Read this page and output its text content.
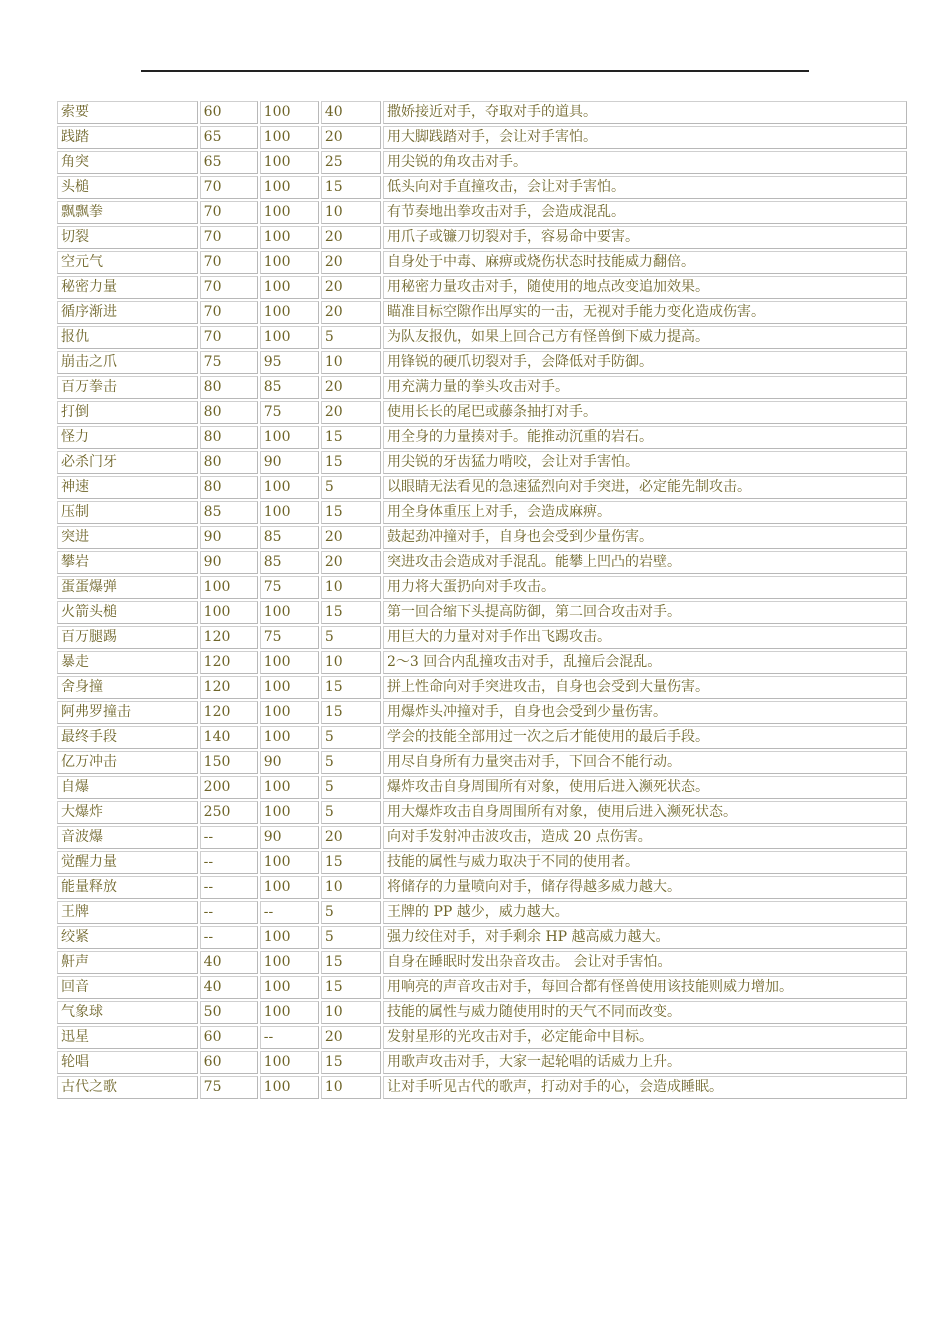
索要	60	100	40	撒娇接近对手，夺取对手的道具。
践踏	65	100	20	用大脚践踏对手，会让对手害怕。
角突	65	100	25	用尖锐的角攻击对手。
头槌	70	100	15	低头向对手直撞攻击，会让对手害怕。
飘飘拳	70	100	10	有节奏地出拳攻击对手，会造成混乱。
切裂	70	100	20	用爪子或镰刀切裂对手，容易命中要害。
空元气	70	100	20	自身处于中毒、麻痹或烧伤状态时技能威力翻倍。
秘密力量	70	100	20	用秘密力量攻击对手，随使用的地点改变追加效果。
循序渐进	70	100	20	瞄准目标空隙作出厚实的一击，无视对手能力变化造成伤害。
报仇	70	100	5	为队友报仇，如果上回合己方有怪兽倒下威力提高。
崩击之爪	75	95	10	用锋锐的硬爪切裂对手，会降低对手防御。
百万拳击	80	85	20	用充满力量的拳头攻击对手。
打倒	80	75	20	使用长长的尾巴或藤条抽打对手。
怪力	80	100	15	用全身的力量揍对手。能推动沉重的岩石。
必杀门牙	80	90	15	用尖锐的牙齿猛力啃咬，会让对手害怕。
神速	80	100	5	以眼睛无法看见的急速猛烈向对手突进，必定能先制攻击。
压制	85	100	15	用全身体重压上对手，会造成麻痹。
突进	90	85	20	鼓起劲冲撞对手，自身也会受到少量伤害。
攀岩	90	85	20	突进攻击会造成对手混乱。能攀上凹凸的岩壁。
蛋蛋爆弹	100	75	10	用力将大蛋扔向对手攻击。
火箭头槌	100	100	15	第一回合缩下头提高防御，第二回合攻击对手。
百万腿踢	120	75	5	用巨大的力量对对手作出飞踢攻击。
暴走	120	100	10	2～3 回合内乱撞攻击对手，乱撞后会混乱。
舍身撞	120	100	15	拼上性命向对手突进攻击，自身也会受到大量伤害。
阿弗罗撞击	120	100	15	用爆炸头冲撞对手，自身也会受到少量伤害。
最终手段	140	100	5	学会的技能全部用过一次之后才能使用的最后手段。
亿万冲击	150	90	5	用尽自身所有力量突击对手，下回合不能行动。
自爆	200	100	5	爆炸攻击自身周围所有对象，使用后进入濒死状态。
大爆炸	250	100	5	用大爆炸攻击自身周围所有对象，使用后进入濒死状态。
音波爆	--	90	20	向对手发射冲击波攻击，造成 20 点伤害。
觉醒力量	--	100	15	技能的属性与威力取决于不同的使用者。
能量释放	--	100	10	将储存的力量喷向对手，储存得越多威力越大。
王牌	--	--	5	王牌的 PP 越少，威力越大。
绞紧	--	100	5	强力绞住对手，对手剩余 HP 越高威力越大。
鼾声	40	100	15	自身在睡眠时发出杂音攻击。 会让对手害怕。
回音	40	100	15	用响亮的声音攻击对手，每回合都有怪兽使用该技能则威力增加。
气象球	50	100	10	技能的属性与威力随使用时的天气不同而改变。
迅星	60	--	20	发射星形的光攻击对手，必定能命中目标。
轮唱	60	100	15	用歌声攻击对手，大家一起轮唱的话威力上升。
古代之歌	75	100	10	让对手听见古代的歌声，打动对手的心，会造成睡眠。
